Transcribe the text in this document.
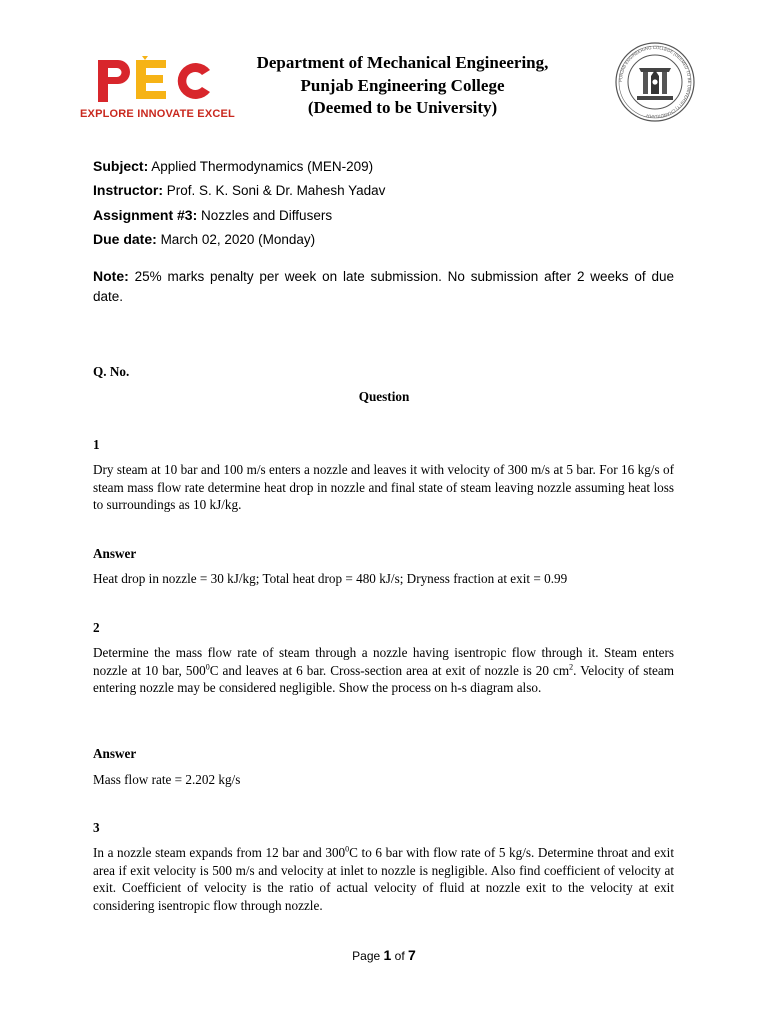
EXPLORE INNOVATE EXCEL
Department of Mechanical Engineering,
Punjab Engineering College
(Deemed to be University)
PUNJAB ENGINEERING COLLEGE (DEEMED TO BE UNIVERSITY) CHANDIGARH
Subject: Applied Thermodynamics (MEN-209)
Instructor: Prof. S. K. Soni & Dr. Mahesh Yadav
Assignment #3: Nozzles and Diffusers
Due date: March 02, 2020 (Monday)
Note: 25% marks penalty per week on late submission. No submission after 2 weeks of due date.
Q. No.
Question
1
Dry steam at 10 bar and 100 m/s enters a nozzle and leaves it with velocity of 300 m/s at 5 bar. For 16 kg/s of steam mass flow rate determine heat drop in nozzle and final state of steam leaving nozzle assuming heat loss to surroundings as 10 kJ/kg.
Answer
Heat drop in nozzle = 30 kJ/kg; Total heat drop = 480 kJ/s; Dryness fraction at exit = 0.99
2
Determine the mass flow rate of steam through a nozzle having isentropic flow through it. Steam enters nozzle at 10 bar, $500^0C$ and leaves at 6 bar. Cross-section area at exit of nozzle is 20 $cm^2$. Velocity of steam entering nozzle may be considered negligible. Show the process on h-s diagram also.
Answer
Mass flow rate = 2.202 kg/s
3
In a nozzle steam expands from 12 bar and $300^0C$ to 6 bar with flow rate of 5 kg/s. Determine throat and exit area if exit velocity is 500 m/s and velocity at inlet to nozzle is negligible. Also find coefficient of velocity at exit. Coefficient of velocity is the ratio of actual velocity of fluid at nozzle exit to the velocity at exit considering isentropic flow through nozzle.
Page 1 of 7
